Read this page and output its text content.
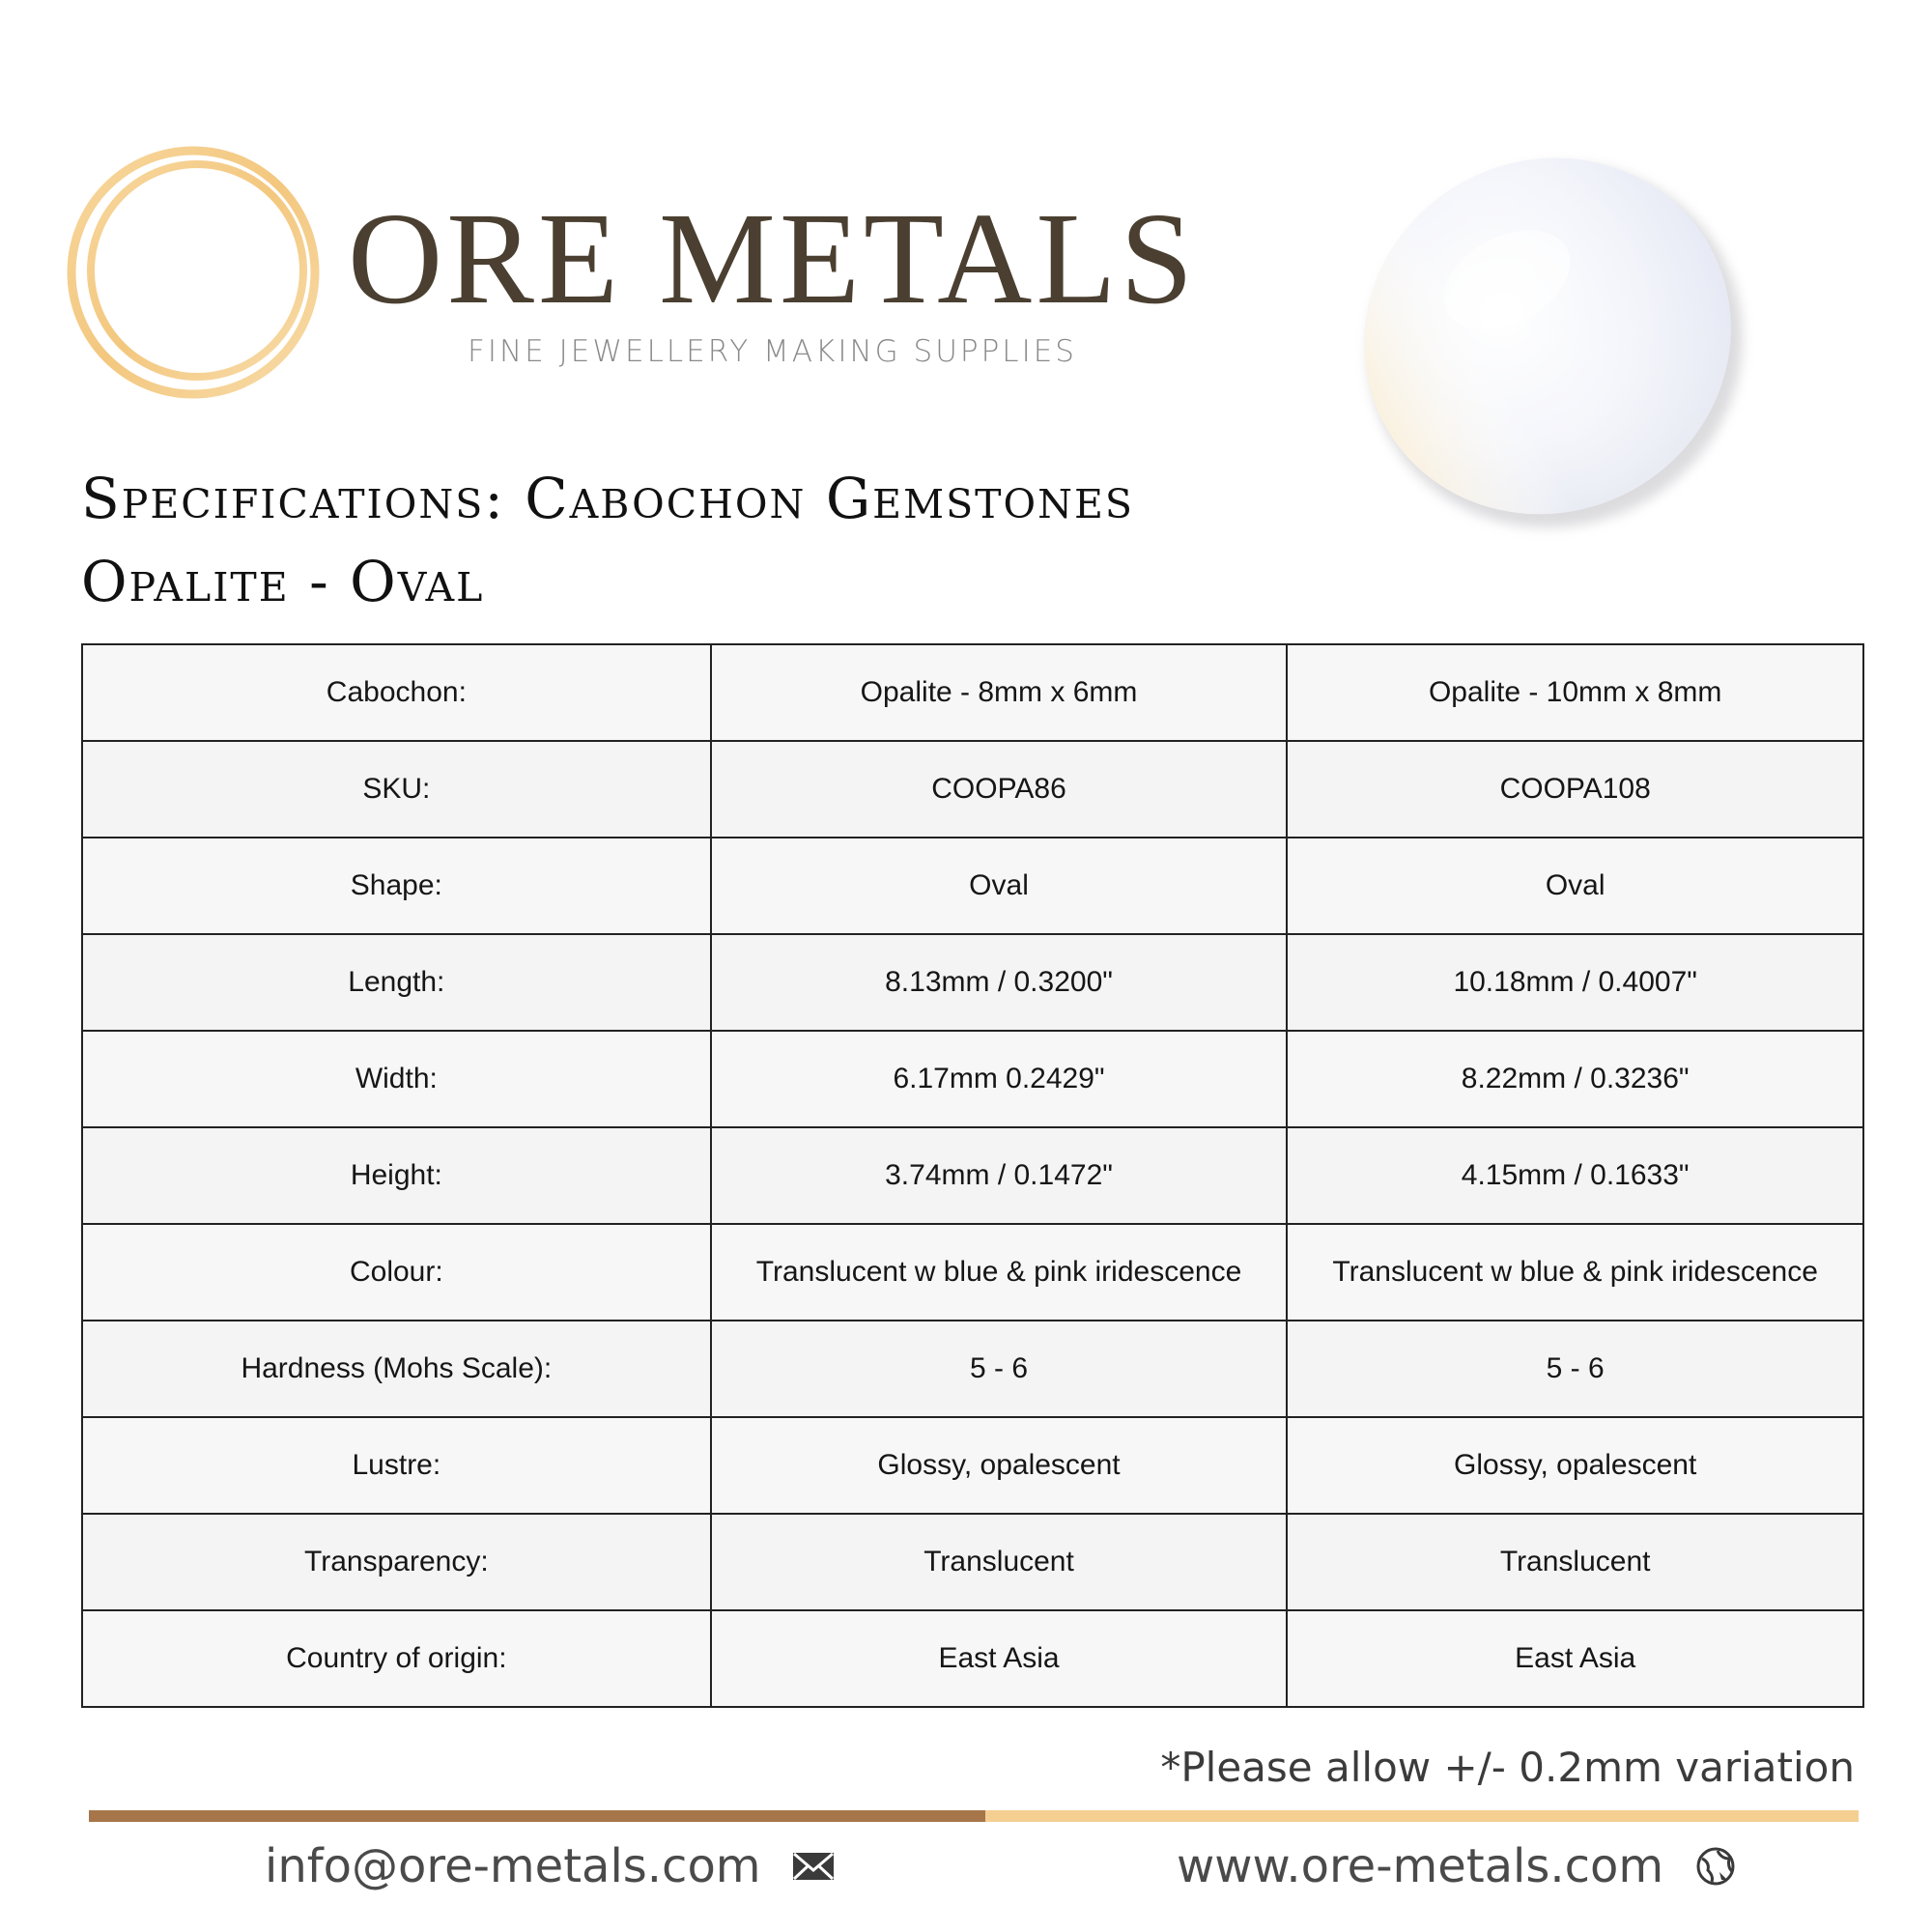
ORE METALS
FINE JEWELLERY MAKING SUPPLIES
Specifications: Cabochon Gemstones
Opalite - Oval
Cabochon:	Opalite - 8mm x 6mm	Opalite - 10mm x 8mm
SKU:	COOPA86	COOPA108
Shape:	Oval	Oval
Length:	8.13mm / 0.3200"	10.18mm / 0.4007"
Width:	6.17mm 0.2429"	8.22mm / 0.3236"
Height:	3.74mm / 0.1472"	4.15mm / 0.1633"
Colour:	Translucent w blue & pink iridescence	Translucent w blue & pink iridescence
Hardness (Mohs Scale):	5 - 6	5 - 6
Lustre:	Glossy, opalescent	Glossy, opalescent
Transparency:	Translucent	Translucent
Country of origin:	East Asia	East Asia
*Please allow +/- 0.2mm variation
info@ore-metals.com	www.ore-metals.com
